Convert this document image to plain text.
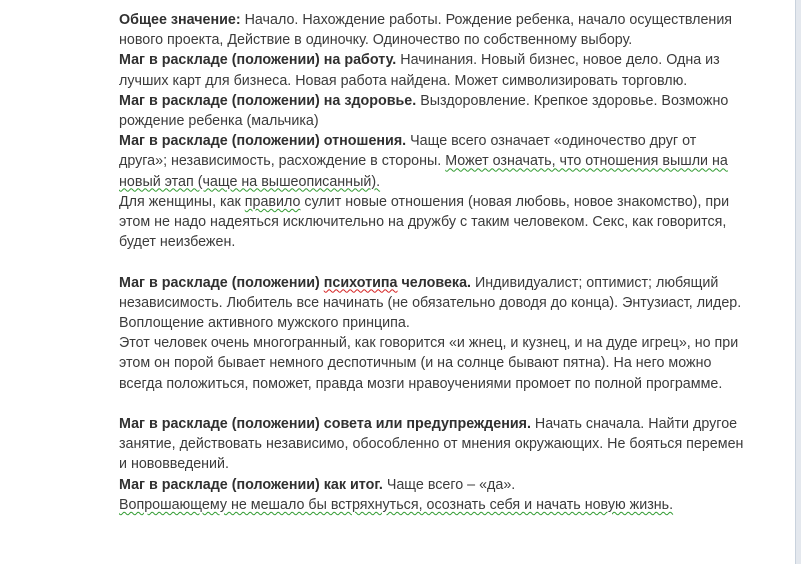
Общее значение: Начало. Нахождение работы. Рождение ребенка, начало осуществления нового проекта, Действие в одиночку. Одиночество по собственному выбору.

Маг в раскладе (положении) на работу. Начинания. Новый бизнес, новое дело. Одна из лучших карт для бизнеса. Новая работа найдена. Может символизировать торговлю.

Маг в раскладе (положении) на здоровье. Выздоровление. Крепкое здоровье. Возможно рождение ребенка (мальчика)

Маг в раскладе (положении) отношения. Чаще всего означает «одиночество друг от друга»; независимость, расхождение в стороны. Может означать, что отношения вышли на новый этап (чаще на вышеописанный).

Для женщины, как правило сулит новые отношения (новая любовь, новое знакомство), при этом не надо надеяться исключительно на дружбу с таким человеком. Секс, как говорится, будет неизбежен.

Маг в раскладе (положении) психотипа человека. Индивидуалист; оптимист; любящий независимость. Любитель все начинать (не обязательно доводя до конца). Энтузиаст, лидер.

Воплощение активного мужского принципа.

Этот человек очень многогранный, как говорится «и жнец, и кузнец, и на дуде игрец», но при этом он порой бывает немного деспотичным (и на солнце бывают пятна). На него можно всегда положиться, поможет, правда мозги нравоучениями промоет по полной программе.

Маг в раскладе (положении) совета или предупреждения. Начать сначала. Найти другое занятие, действовать независимо, обособленно от мнения окружающих. Не бояться перемен и нововведений.

Маг в раскладе (положении) как итог. Чаще всего – «да».

Вопрошающему не мешало бы встряхнуться, осознать себя и начать новую жизнь.
